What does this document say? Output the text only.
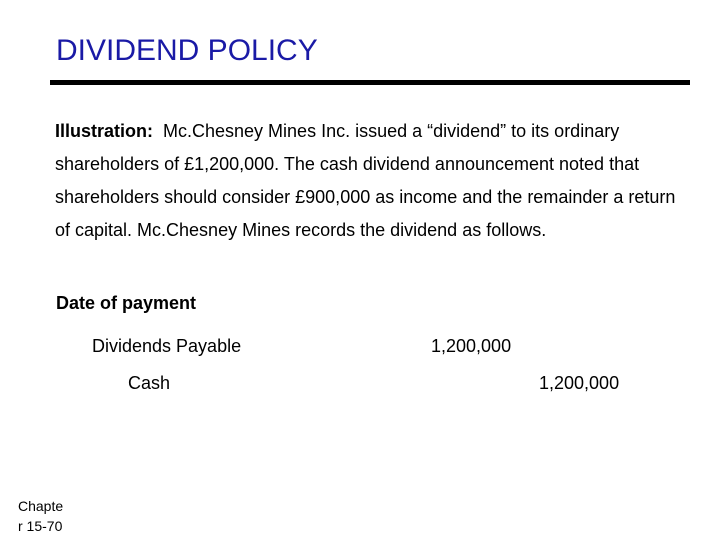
DIVIDEND POLICY
Illustration: Mc.Chesney Mines Inc. issued a “dividend” to its ordinary shareholders of £1,200,000. The cash dividend announcement noted that shareholders should consider £900,000 as income and the remainder a return of capital. Mc.Chesney Mines records the dividend as follows.
Date of payment
Dividends Payable	1,200,000
Cash	1,200,000
Chapte
r 15-70
